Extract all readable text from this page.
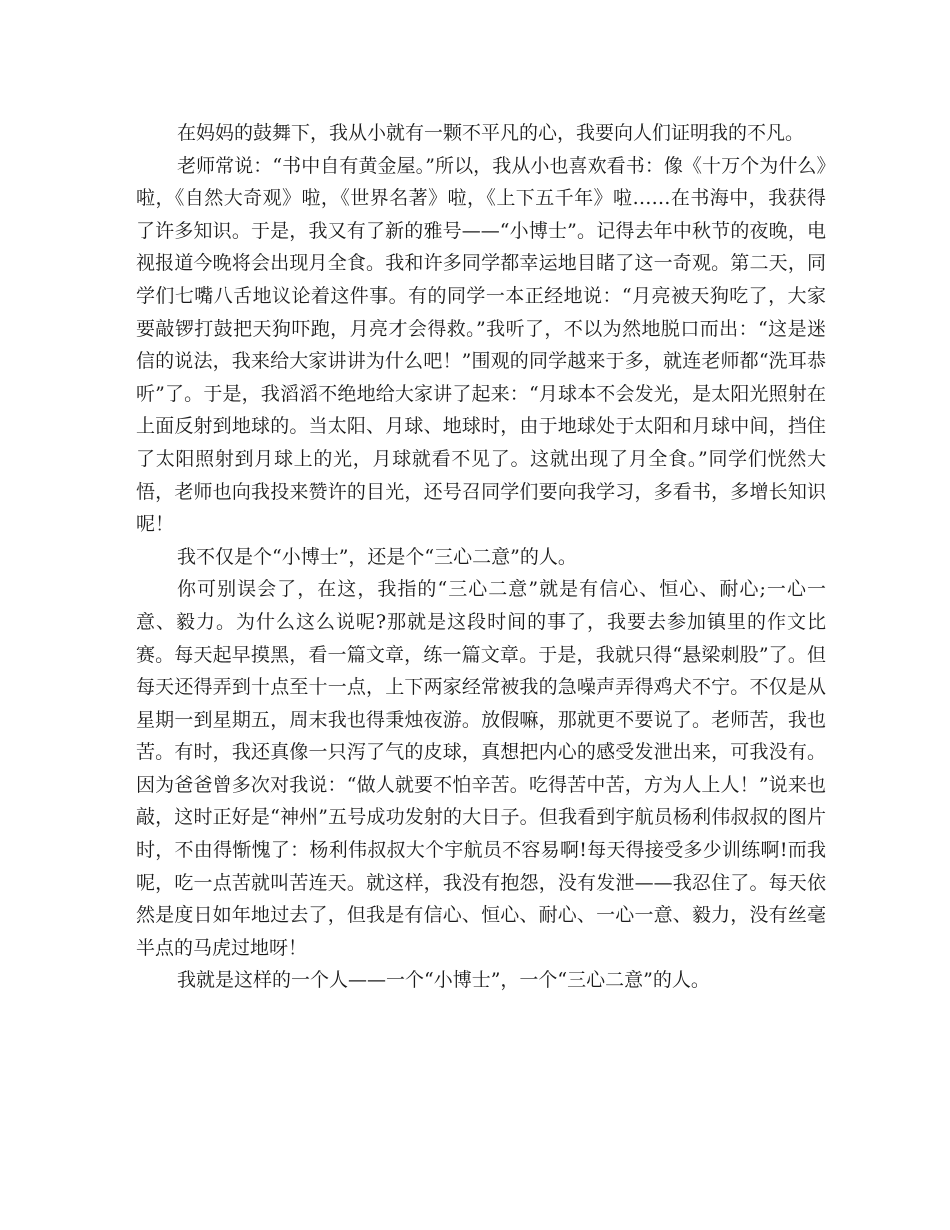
在妈妈的鼓舞下，我从小就有一颗不平凡的心，我要向人们证明我的不凡。

老师常说：“书中自有黄金屋。”所以，我从小也喜欢看书：像《十万个为什么》啦，《自然大奇观》啦，《世界名著》啦，《上下五千年》啦……在书海中，我获得了许多知识。于是，我又有了新的雅号——“小博士”。记得去年中秋节的夜晚，电视报道今晚将会出现月全食。我和许多同学都幸运地目睹了这一奇观。第二天，同学们七嘴八舌地议论着这件事。有的同学一本正经地说：“月亮被天狗吃了，大家要敲锣打鼓把天狗吓跑，月亮才会得救。”我听了，不以为然地脱口而出：“这是迷信的说法，我来给大家讲讲为什么吧！”围观的同学越来于多，就连老师都“洗耳恭听”了。于是，我滔滔不绝地给大家讲了起来：“月球本不会发光，是太阳光照射在上面反射到地球的。当太阳、月球、地球时，由于地球处于太阳和月球中间，挡住了太阳照射到月球上的光，月球就看不见了。这就出现了月全食。”同学们恍然大悟，老师也向我投来赞许的目光，还号召同学们要向我学习，多看书，多增长知识呢！

我不仅是个“小博士”，还是个“三心二意”的人。

你可别误会了，在这，我指的“三心二意”就是有信心、恒心、耐心;一心一意、毅力。为什么这么说呢?那就是这段时间的事了，我要去参加镇里的作文比赛。每天起早摸黑，看一篇文章，练一篇文章。于是，我就只得“悬梁刺股”了。但每天还得弄到十点至十一点，上下两家经常被我的急噪声弄得鸡犬不宁。不仅是从星期一到星期五，周末我也得秉烛夜游。放假嘛，那就更不要说了。老师苦，我也苦。有时，我还真像一只泻了气的皮球，真想把内心的感受发泄出来，可我没有。因为爸爸曾多次对我说：“做人就要不怕辛苦。吃得苦中苦，方为人上人！”说来也敲，这时正好是“神州”五号成功发射的大日子。但我看到宇航员杨利伟叔叔的图片时，不由得惭愧了：杨利伟叔叔大个宇航员不容易啊!每天得接受多少训练啊!而我呢，吃一点苦就叫苦连天。就这样，我没有抱怨，没有发泄——我忍住了。每天依然是度日如年地过去了，但我是有信心、恒心、耐心、一心一意、毅力，没有丝毫半点的马虎过地呀！

我就是这样的一个人——一个“小博士”，一个“三心二意”的人。
